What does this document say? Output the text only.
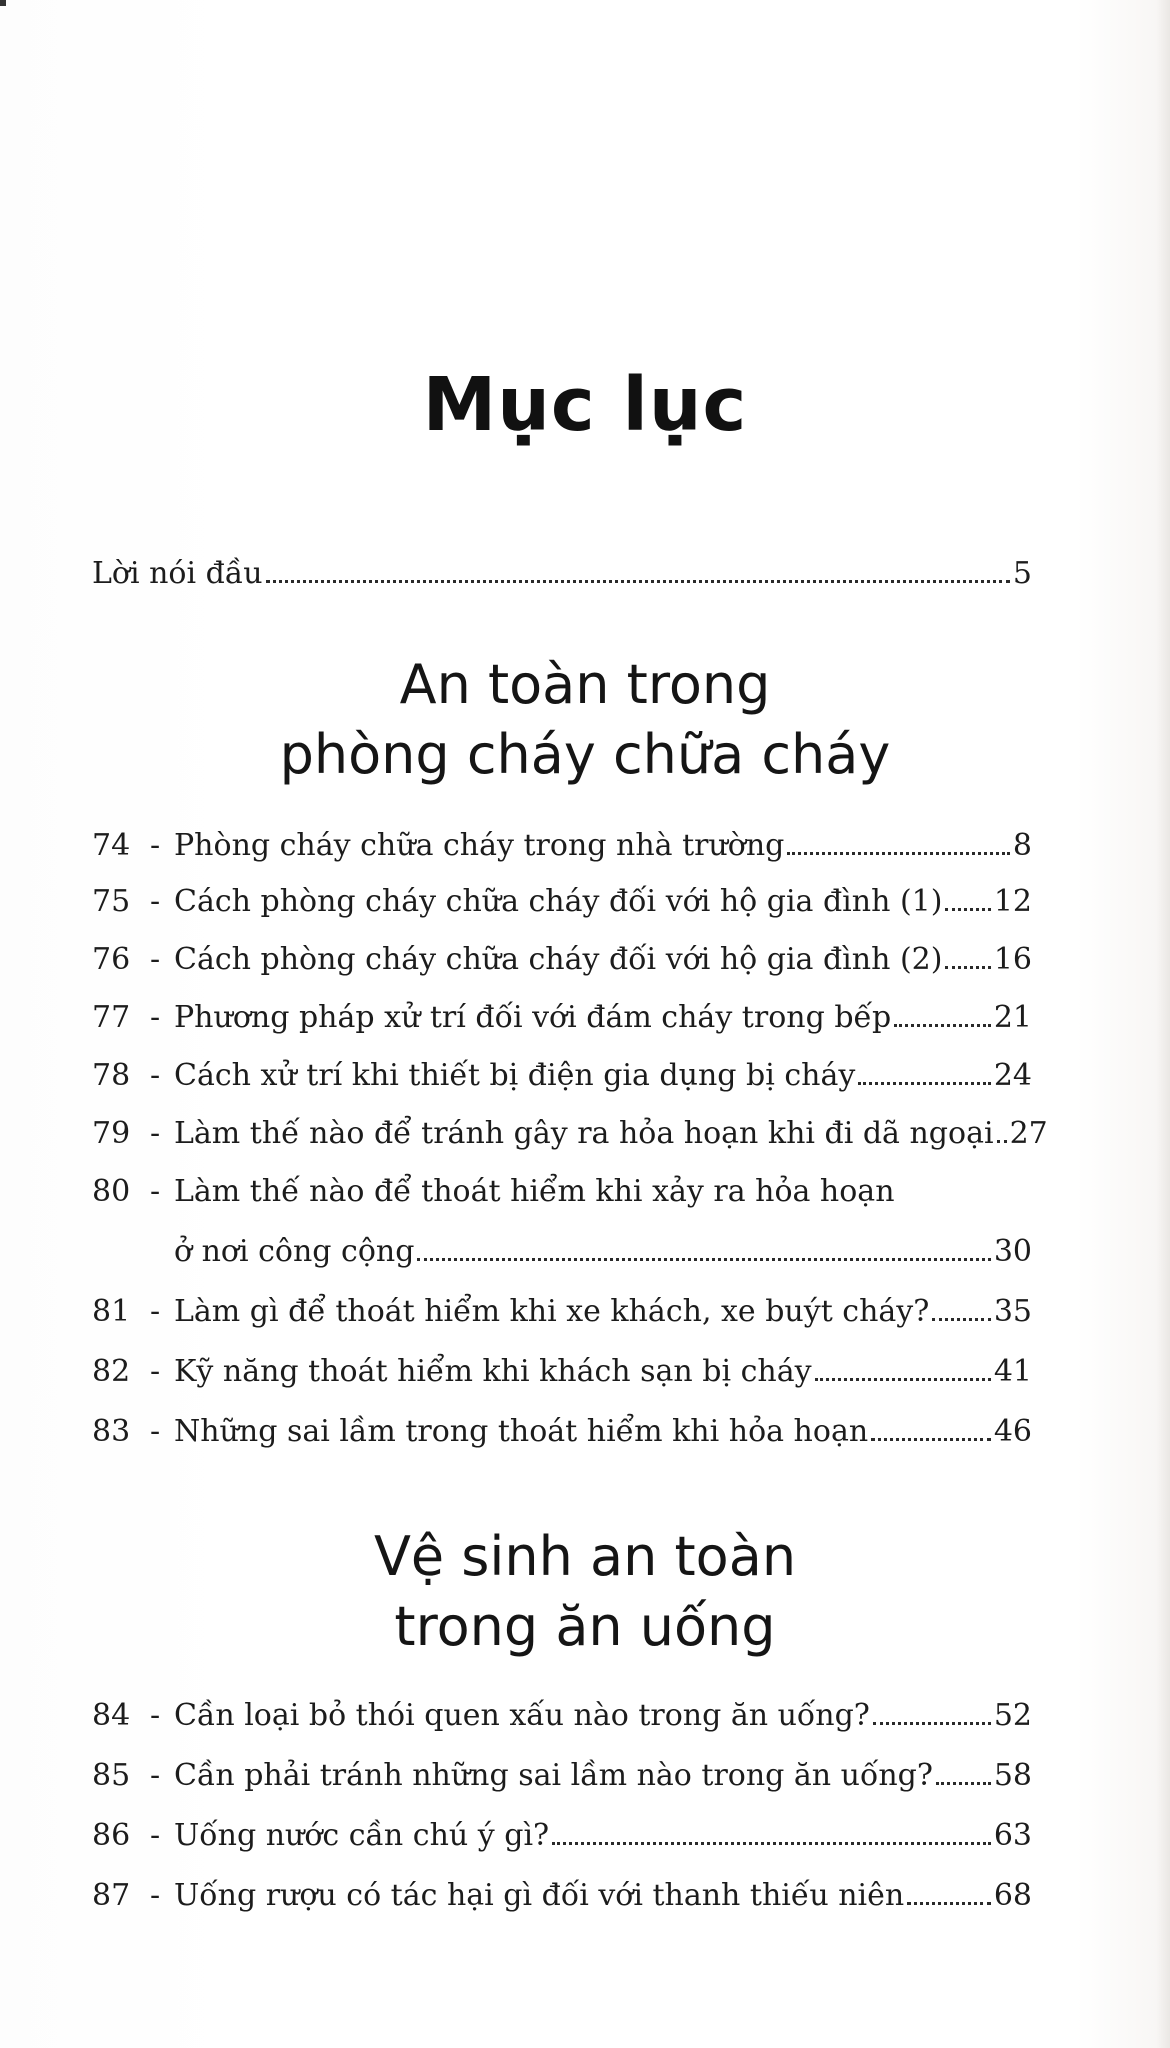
Mục lục
Lời nói đầu	5
An toàn trong
phòng cháy chữa cháy
74 - Phòng cháy chữa cháy trong nhà trường	8
75 - Cách phòng cháy chữa cháy đối với hộ gia đình (1) 12
76 - Cách phòng cháy chữa cháy đối với hộ gia đình (2) 16
77 - Phương pháp xử trí đối với đám cháy trong bếp	21
78 - Cách xử trí khi thiết bị điện gia dụng bị cháy	24
79 - Làm thế nào để tránh gây ra hỏa hoạn khi đi dã ngoại 27
80 - Làm thế nào để thoát hiểm khi xảy ra hỏa hoạn
ở nơi công cộng	30
81 - Làm gì để thoát hiểm khi xe khách, xe buýt cháy? 35
82 - Kỹ năng thoát hiểm khi khách sạn bị cháy	41
83 - Những sai lầm trong thoát hiểm khi hỏa hoạn	46
Vệ sinh an toàn
trong ăn uống
84 - Cần loại bỏ thói quen xấu nào trong ăn uống?	52
85 - Cần phải tránh những sai lầm nào trong ăn uống? 58
86 - Uống nước cần chú ý gì?	63
87 - Uống rượu có tác hại gì đối với thanh thiếu niên	68
